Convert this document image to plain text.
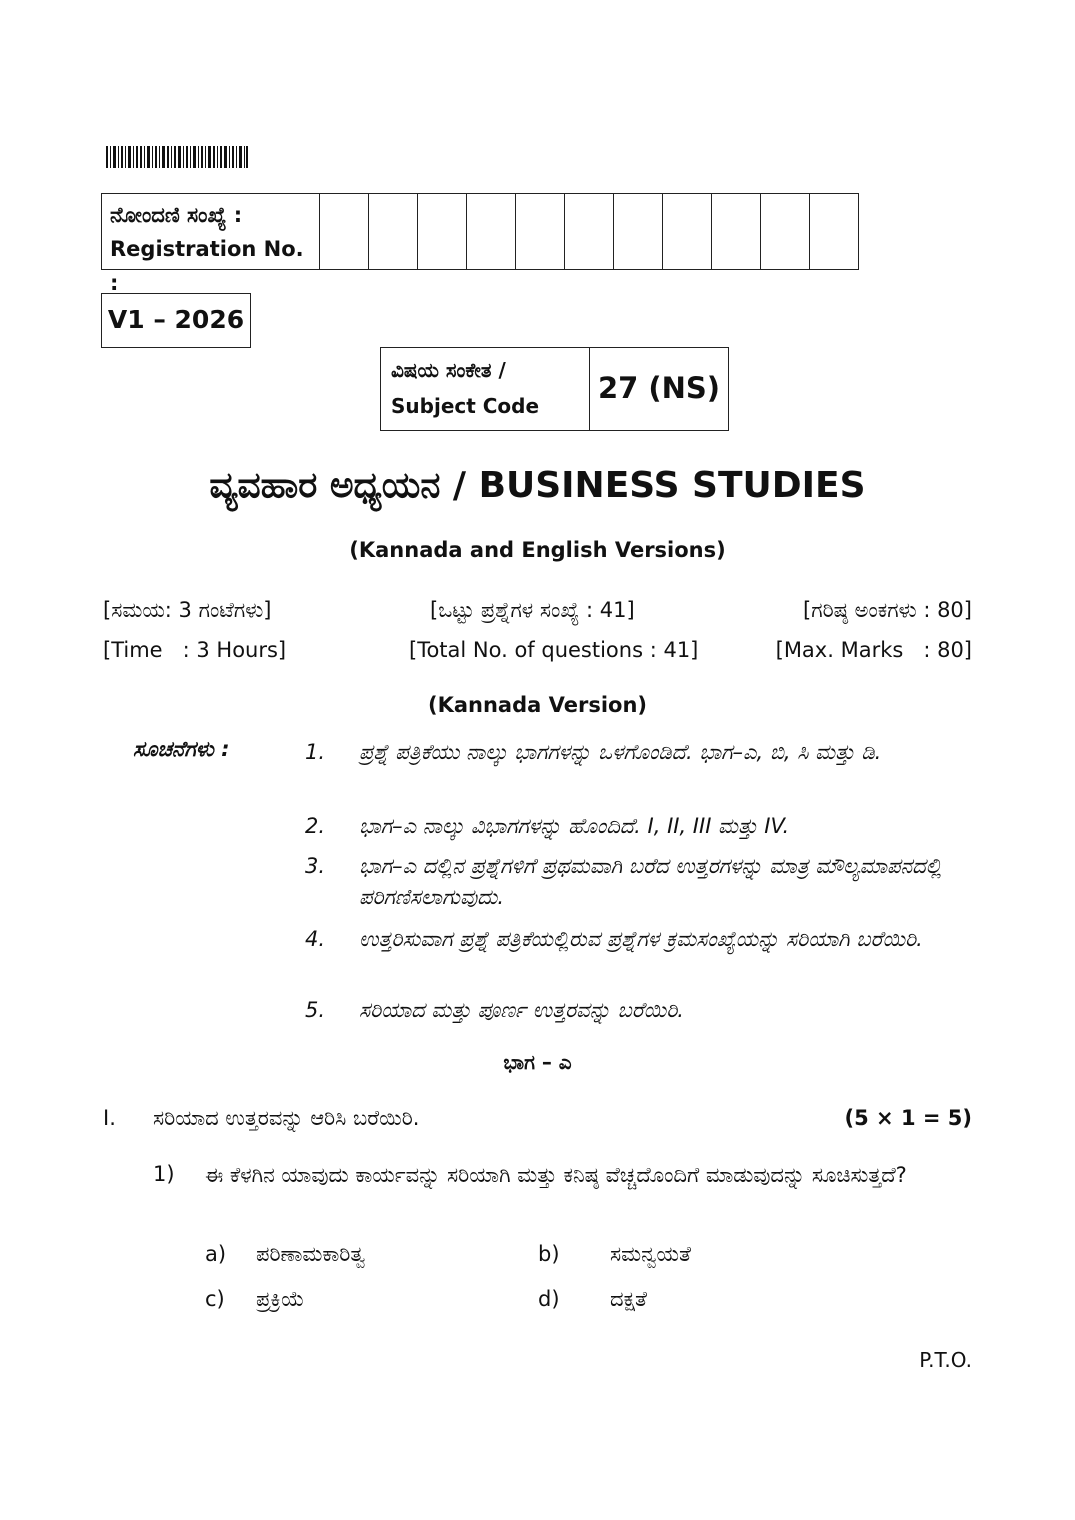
ನೋಂದಣಿ ಸಂಖ್ಯೆ :
Registration No. :
V1 – 2026
ವಿಷಯ ಸಂಕೇತ /
Subject Code
27 (NS)
ವ್ಯವಹಾರ ಅಧ್ಯಯನ / BUSINESS STUDIES
(Kannada and English Versions)
[ಸಮಯ: 3 ಗಂಟೆಗಳು]	[ಒಟ್ಟು ಪ್ರಶ್ನೆಗಳ ಸಂಖ್ಯೆ : 41]	[ಗರಿಷ್ಠ ಅಂಕಗಳು : 80]
[Time   : 3 Hours]	[Total No. of questions : 41]	[Max. Marks   : 80]
(Kannada Version)
ಸೂಚನೆಗಳು :	1. ಪ್ರಶ್ನೆ ಪತ್ರಿಕೆಯು ನಾಲ್ಕು ಭಾಗಗಳನ್ನು ಒಳಗೊಂಡಿದೆ. ಭಾಗ–ಎ, ಬಿ, ಸಿ ಮತ್ತು ಡಿ.
2. ಭಾಗ–ಎ ನಾಲ್ಕು ವಿಭಾಗಗಳನ್ನು ಹೊಂದಿದೆ. I, II, III ಮತ್ತು IV.
3. ಭಾಗ–ಎ ದಲ್ಲಿನ ಪ್ರಶ್ನೆಗಳಿಗೆ ಪ್ರಥಮವಾಗಿ ಬರೆದ ಉತ್ತರಗಳನ್ನು ಮಾತ್ರ ಮೌಲ್ಯಮಾಪನದಲ್ಲಿ ಪರಿಗಣಿಸಲಾಗುವುದು.
4. ಉತ್ತರಿಸುವಾಗ ಪ್ರಶ್ನೆ ಪತ್ರಿಕೆಯಲ್ಲಿರುವ ಪ್ರಶ್ನೆಗಳ ಕ್ರಮಸಂಖ್ಯೆಯನ್ನು ಸರಿಯಾಗಿ ಬರೆಯಿರಿ.
5. ಸರಿಯಾದ ಮತ್ತು ಪೂರ್ಣ ಉತ್ತರವನ್ನು ಬರೆಯಿರಿ.
ಭಾಗ – ಎ
I. ಸರಿಯಾದ ಉತ್ತರವನ್ನು ಆರಿಸಿ ಬರೆಯಿರಿ.	(5 × 1 = 5)
1) ಈ ಕೆಳಗಿನ ಯಾವುದು ಕಾರ್ಯವನ್ನು ಸರಿಯಾಗಿ ಮತ್ತು ಕನಿಷ್ಠ ವೆಚ್ಚದೊಂದಿಗೆ ಮಾಡುವುದನ್ನು ಸೂಚಿಸುತ್ತದೆ?
a) ಪರಿಣಾಮಕಾರಿತ್ವ	b) ಸಮನ್ವಯತೆ
c) ಪ್ರಕ್ರಿಯೆ	d) ದಕ್ಷತೆ
P.T.O.
